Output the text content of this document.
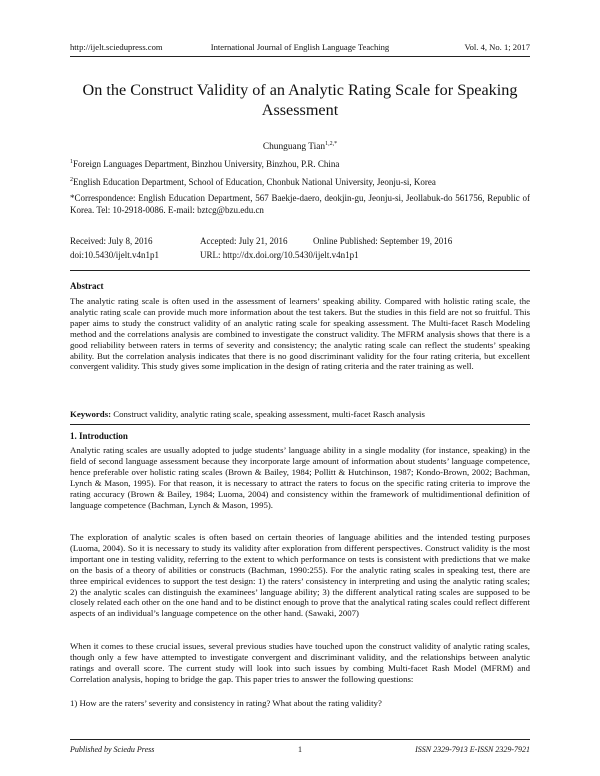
http://ijelt.sciedupress.com	International Journal of English Language Teaching	Vol. 4, No. 1; 2017
On the Construct Validity of an Analytic Rating Scale for Speaking Assessment
Chunguang Tian$^{1,2,*}$
$^1$Foreign Languages Department, Binzhou University, Binzhou, P.R. China
$^2$English Education Department, School of Education, Chonbuk National University, Jeonju-si, Korea
*Correspondence: English Education Department, 567 Baekje-daero, deokjin-gu, Jeonju-si, Jeollabuk-do 561756, Republic of Korea. Tel: 10-2918-0086. E-mail: bztcg@bzu.edu.cn
Received: July 8, 2016	Accepted: July 21, 2016	Online Published: September 19, 2016
doi:10.5430/ijelt.v4n1p1	URL: http://dx.doi.org/10.5430/ijelt.v4n1p1
Abstract
The analytic rating scale is often used in the assessment of learners’ speaking ability. Compared with holistic rating scale, the analytic rating scale can provide much more information about the test takers. But the studies in this field are not so fruitful. This paper aims to study the construct validity of an analytic rating scale for speaking assessment. The Multi-facet Rasch Modeling method and the correlations analysis are combined to investigate the construct validity. The MFRM analysis shows that there is a good reliability between raters in terms of severity and consistency; the analytic rating scale can reflect the students’ speaking ability. But the correlation analysis indicates that there is no good discriminant validity for the four rating criteria, but excellent convergent validity. This study gives some implication in the design of rating criteria and the rater training as well.
Keywords: Construct validity, analytic rating scale, speaking assessment, multi-facet Rasch analysis
1. Introduction
Analytic rating scales are usually adopted to judge students’ language ability in a single modality (for instance, speaking) in the field of second language assessment because they incorporate large amount of information about students’ language competence, hence preferable over holistic rating scales (Brown & Bailey, 1984; Pollitt & Hutchinson, 1987; Kondo-Brown, 2002; Bachman, Lynch & Mason, 1995). For that reason, it is necessary to attract the raters to focus on the specific rating criteria to improve the rating accuracy (Brown & Bailey, 1984; Luoma, 2004) and consistency within the framework of multidimentional definition of language competence (Bachman, Lynch & Mason, 1995).
The exploration of analytic scales is often based on certain theories of language abilities and the intended testing purposes (Luoma, 2004). So it is necessary to study its validity after exploration from different perspectives. Construct validity is the most important one in testing validity, referring to the extent to which performance on tests is consistent with predictions that we make on the basis of a theory of abilities or constructs (Bachman, 1990:255). For the analytic rating scales in speaking test, there are three empirical evidences to support the test design: 1) the raters’ consistency in interpreting and using the analytic rating scales; 2) the analytic scales can distinguish the examinees’ language ability; 3) the different analytical rating scales are supposed to be closely related each other on the one hand and to be distinct enough to prove that the analytical rating scales could reflect different aspects of an individual’s language competence on the other hand. (Sawaki, 2007)
When it comes to these crucial issues, several previous studies have touched upon the construct validity of analytic rating scales, though only a few have attempted to investigate convergent and discriminant validity, and the relationships between analytic ratings and overall score. The current study will look into such issues by combing Multi-facet Rash Model (MFRM) and Correlation analysis, hoping to bridge the gap. This paper tries to answer the following questions:
1) How are the raters’ severity and consistency in rating? What about the rating validity?
Published by Sciedu Press	1	ISSN 2329-7913 E-ISSN 2329-7921
